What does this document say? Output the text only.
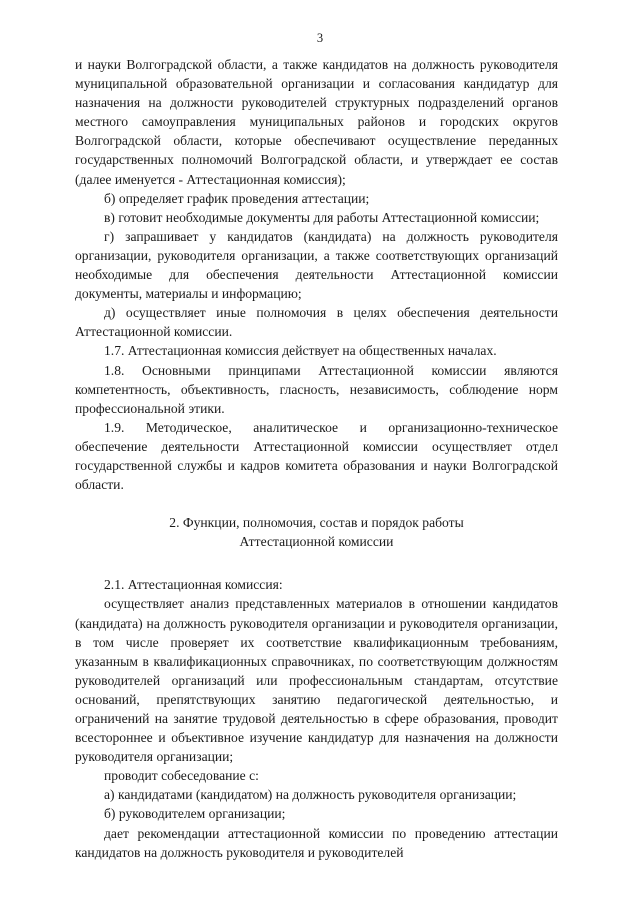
3

и науки Волгоградской области, а также кандидатов на должность руководителя муниципальной образовательной организации и согласования кандидатур для назначения на должности руководителей структурных подразделений органов местного самоуправления муниципальных районов и городских округов Волгоградской области, которые обеспечивают осуществление переданных государственных полномочий Волгоградской области, и утверждает ее состав (далее именуется - Аттестационная комиссия);

б) определяет график проведения аттестации;

в) готовит необходимые документы для работы Аттестационной комиссии;

г) запрашивает у кандидатов (кандидата) на должность руководителя организации, руководителя организации, а также соответствующих организаций необходимые для обеспечения деятельности Аттестационной комиссии документы, материалы и информацию;

д) осуществляет иные полномочия в целях обеспечения деятельности Аттестационной комиссии.

1.7. Аттестационная комиссия действует на общественных началах.

1.8. Основными принципами Аттестационной комиссии являются компетентность, объективность, гласность, независимость, соблюдение норм профессиональной этики.

1.9. Методическое, аналитическое и организационно-техническое обеспечение деятельности Аттестационной комиссии осуществляет отдел государственной службы и кадров комитета образования и науки Волгоградской области.

2. Функции, полномочия, состав и порядок работы
Аттестационной комиссии

2.1. Аттестационная комиссия:

осуществляет анализ представленных материалов в отношении кандидатов (кандидата) на должность руководителя организации и руководителя организации, в том числе проверяет их соответствие квалификационным требованиям, указанным в квалификационных справочниках, по соответствующим должностям руководителей организаций или профессиональным стандартам, отсутствие оснований, препятствующих занятию педагогической деятельностью, и ограничений на занятие трудовой деятельностью в сфере образования, проводит всестороннее и объективное изучение кандидатур для назначения на должности руководителя организации;

проводит собеседование с:

а) кандидатами (кандидатом) на должность руководителя организации;

б) руководителем организации;

дает рекомендации аттестационной комиссии по проведению аттестации кандидатов на должность руководителя и руководителей
